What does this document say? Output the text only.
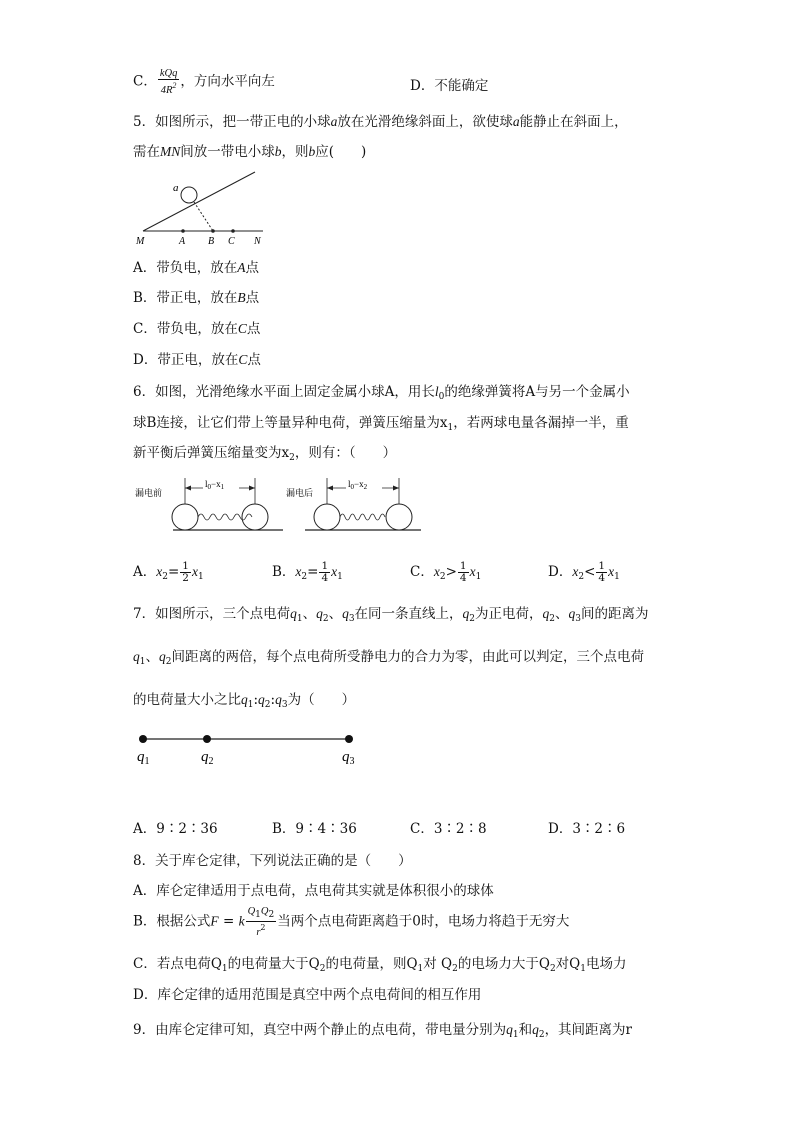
C． $\frac{\text{kQq}}{4R^2}$ ，方向水平向左	D．不能确定
5．如图所示，把一带正电的小球a放在光滑绝缘斜面上，欲使球a能静止在斜面上，
需在MN间放一带电小球b，则b应(　　)
a
M	A B C N
A．带负电，放在A点
B．带正电，放在B点
C．带负电，放在C点
D．带正电，放在C点
6．如图，光滑绝缘水平面上固定金属小球A，用长$l_0$的绝缘弹簧将A与另一个金属小
球B连接，让它们带上等量异种电荷，弹簧压缩量为$x_1$，若两球电量各漏掉一半，重
新平衡后弹簧压缩量变为$x_2$，则有：（　　）
漏电前
$l_0-x_1$
漏电后
$l_0-x_2$
A．$x_2= \frac{1}{2} x_1$	B．$x_2= \frac{1}{4} x_1$	C．$x_2> \frac{1}{4} x_1$	D．$x_2< \frac{1}{4} x_1$
7．如图所示，三个点电荷$q_1$、$q_2$、$q_3$在同一条直线上，$q_2$为正电荷，$q_2$、$q_3$间的距离为
$q_1$、$q_2$间距离的两倍，每个点电荷所受静电力的合力为零，由此可以判定，三个点电荷
的电荷量大小之比$q_1:q_2:q_3$为（　　）
$q_1$	$q_2$	$q_3$
A．9∶2∶36	B．9∶4∶36	C．3∶2∶8	D．3∶2∶6
8．关于库仑定律，下列说法正确的是（　　）
A．库仑定律适用于点电荷，点电荷其实就是体积很小的球体
B．根据公式F = k $\frac{Q1Q2}{r^2}$ 当两个点电荷距离趋于0时，电场力将趋于无穷大
C．若点电荷$Q_1$的电荷量大于$Q_2$的电荷量，则$Q_1$对 $Q_2$的电场力大于$Q_2$对$Q_1$电场力
D．库仑定律的适用范围是真空中两个点电荷间的相互作用
9．由库仑定律可知，真空中两个静止的点电荷，带电量分别为$q_1$和$q_2$，其间距离为r
